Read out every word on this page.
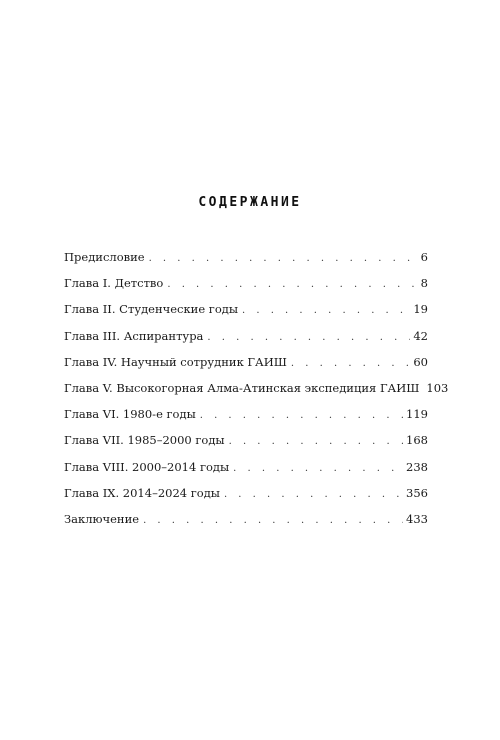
СОДЕРЖАНИЕ
Предисловие . . .	6
Глава I. Детство . . .	8
Глава II. Студенческие годы . . .	19
Глава III. Аспирантура . . .	42
Глава IV. Научный сотрудник ГАИШ . . .	60
Глава V. Высокогорная Алма-Атинская экспедиция ГАИШ 103
Глава VI. 1980-е годы . . .	119
Глава VII. 1985–2000 годы . . .	168
Глава VIII. 2000–2014 годы . . .	238
Глава IX. 2014–2024 годы . . .	356
Заключение . . .	433
